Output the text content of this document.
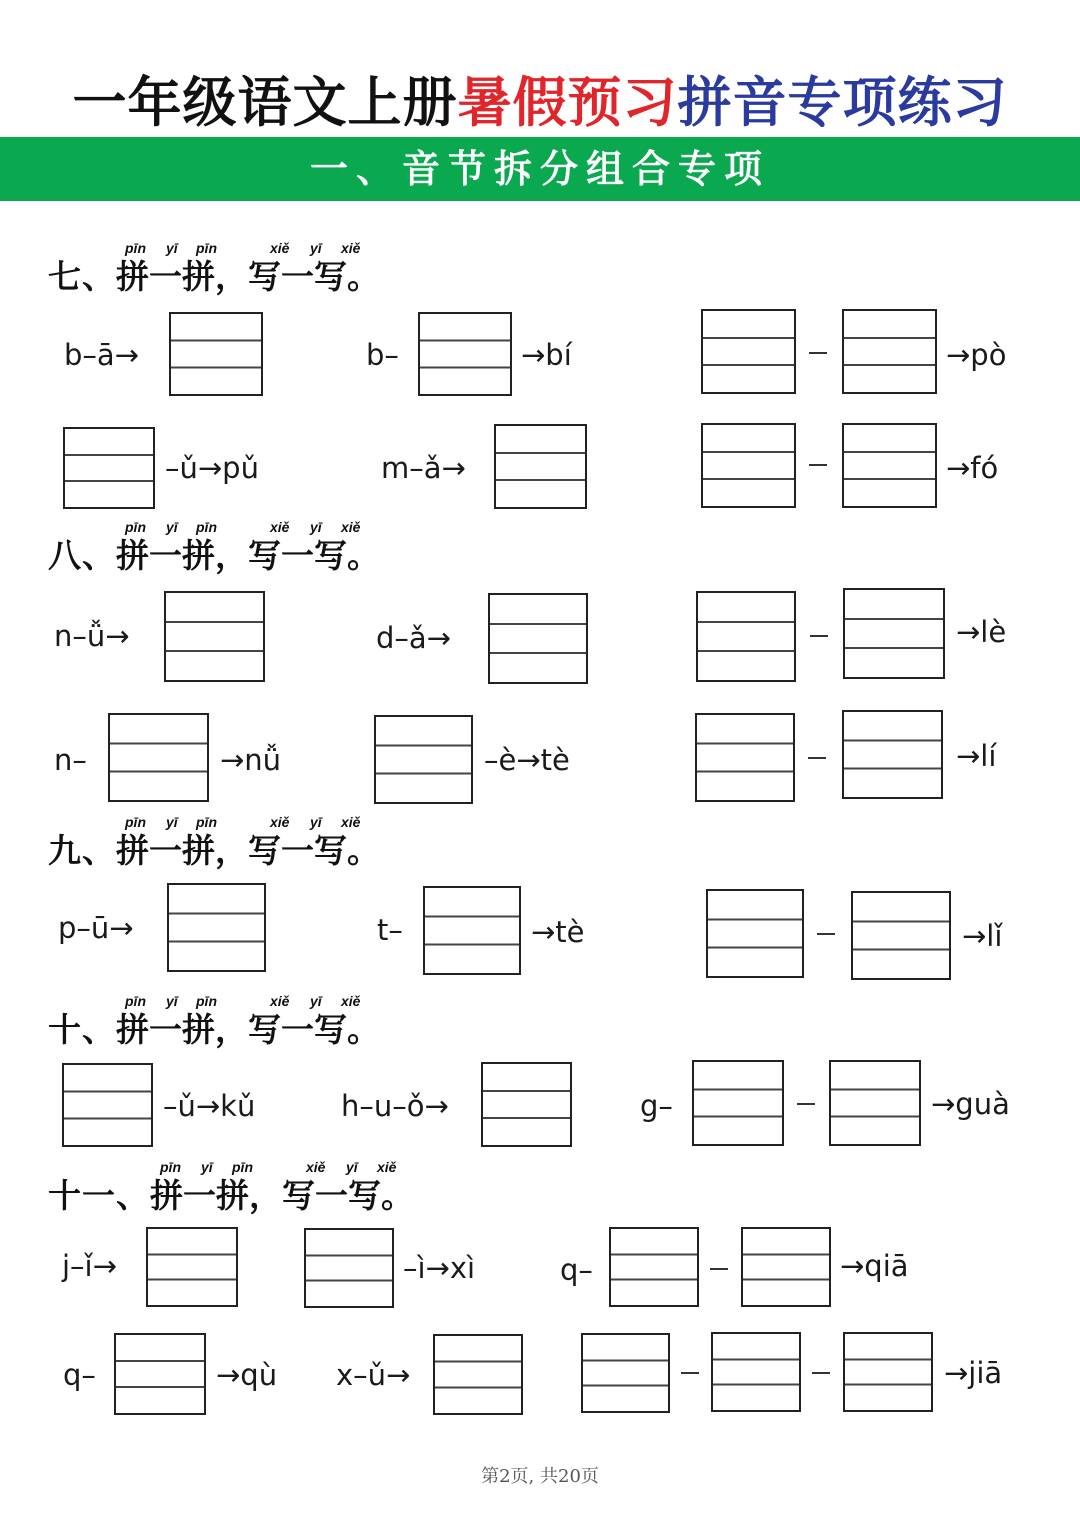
一年级语文上册暑假预习拼音专项练习
一、音节拆分组合专项
pīn yī pīn	xiě yī xiě
七、拼一拼，写一写。
b–ā→	b–	→bí	→pò
–ǔ→pǔ	m–ǎ→	→fó
pīn yī pīn	xiě yī xiě
八、拼一拼，写一写。
n–ǚ→	d–ǎ→	→lè
n–	→nǚ	–è→tè	→lí
pīn yī pīn	xiě yī xiě
九、拼一拼，写一写。
p–ū→	t–	→tè	→lǐ
pīn yī pīn	xiě yī xiě
十、拼一拼，写一写。
–ǔ→kǔ	h–u–ǒ→	g–	→guà
pīn yī pīn	xiě yī xiě
十一、拼一拼，写一写。
j–ǐ→	–ì→xì	q–	→qiā
q–	→qù x–ǔ→	→jiā
第2页, 共20页
